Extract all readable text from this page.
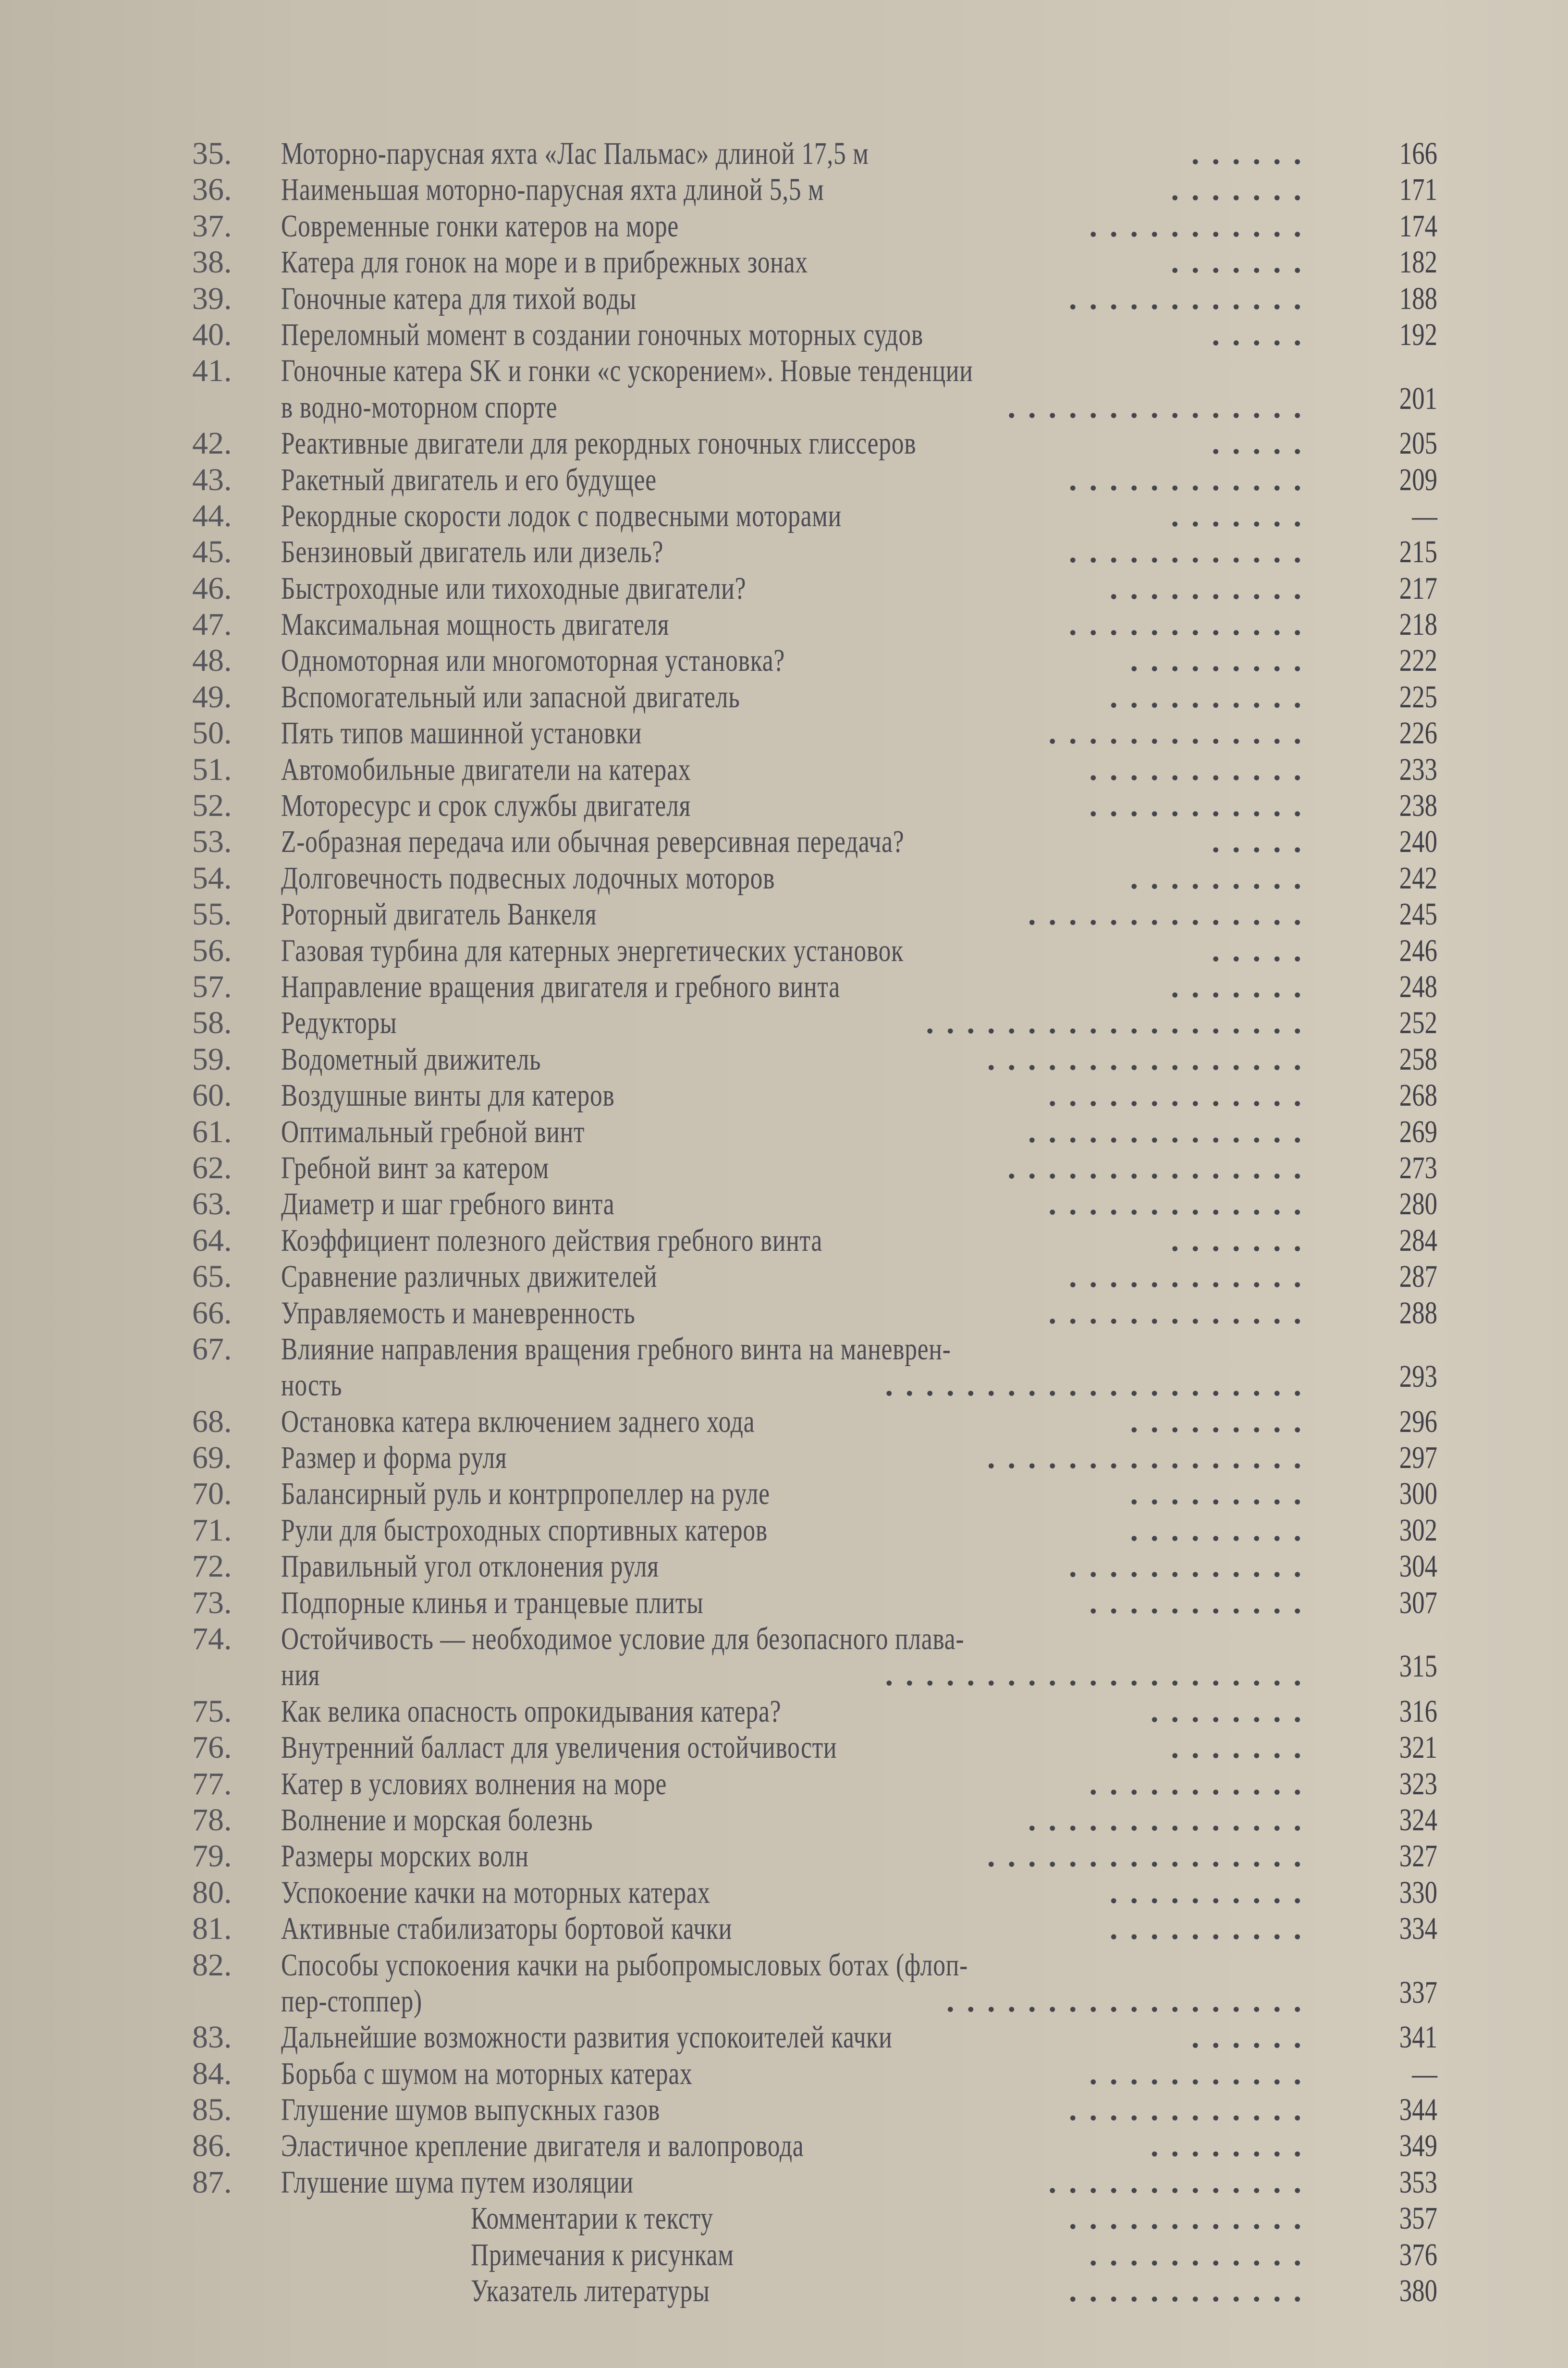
35.	Моторно-парусная яхта «Лас Пальмас» длиной 17,5 м	......	166
36.	Наименьшая моторно-парусная яхта длиной 5,5 м	.......	171
37.	Современные гонки катеров на море	...........	174
38.	Катера для гонок на море и в прибрежных зонах	.......	182
39.	Гоночные катера для тихой воды	............	188
40.	Переломный момент в создании гоночных моторных судов	.....	192
41.	Гоночные катера SK и гонки «с ускорением». Новые тенденции
в водно-моторном спорте	...............	201
42.	Реактивные двигатели для рекордных гоночных глиссеров	.....	205
43.	Ракетный двигатель и его будущее	............	209
44.	Рекордные скорости лодок с подвесными моторами	.......	—
45.	Бензиновый двигатель или дизель?	............	215
46.	Быстроходные или тихоходные двигатели?	..........	217
47.	Максимальная мощность двигателя	............	218
48.	Одномоторная или многомоторная установка?	.........	222
49.	Вспомогательный или запасной двигатель	..........	225
50.	Пять типов машинной установки	.............	226
51.	Автомобильные двигатели на катерах	...........	233
52.	Моторесурс и срок службы двигателя	...........	238
53.	Z-образная передача или обычная реверсивная передача?	.....	240
54.	Долговечность подвесных лодочных моторов	.........	242
55.	Роторный двигатель Ванкеля	..............	245
56.	Газовая турбина для катерных энергетических установок	.....	246
57.	Направление вращения двигателя и гребного винта	.......	248
58.	Редукторы	...................	252
59.	Водометный движитель	................	258
60.	Воздушные винты для катеров	.............	268
61.	Оптимальный гребной винт	..............	269
62.	Гребной винт за катером	...............	273
63.	Диаметр и шаг гребного винта	.............	280
64.	Коэффициент полезного действия гребного винта	.......	284
65.	Сравнение различных движителей	............	287
66.	Управляемость и маневренность	.............	288
67.	Влияние направления вращения гребного винта на маневрен-
ность	.....................	293
68.	Остановка катера включением заднего хода	.........	296
69.	Размер и форма руля	................	297
70.	Балансирный руль и контрпропеллер на руле	.........	300
71.	Рули для быстроходных спортивных катеров	.........	302
72.	Правильный угол отклонения руля	............	304
73.	Подпорные клинья и транцевые плиты	...........	307
74.	Остойчивость — необходимое условие для безопасного плава-
ния	.....................	315
75.	Как велика опасность опрокидывания катера?	........	316
76.	Внутренний балласт для увеличения остойчивости	.......	321
77.	Катер в условиях волнения на море	...........	323
78.	Волнение и морская болезнь	..............	324
79.	Размеры морских волн	................	327
80.	Успокоение качки на моторных катерах	..........	330
81.	Активные стабилизаторы бортовой качки	..........	334
82.	Способы успокоения качки на рыбопромысловых ботах (флоп-
пер-стоппер)	..................	337
83.	Дальнейшие возможности развития успокоителей качки	......	341
84.	Борьба с шумом на моторных катерах	...........	—
85.	Глушение шумов выпускных газов	............	344
86.	Эластичное крепление двигателя и валопровода	........	349
87.	Глушение шума путем изоляции	.............	353
Комментарии к тексту	............	357
Примечания к рисункам	...........	376
Указатель литературы	............	380
